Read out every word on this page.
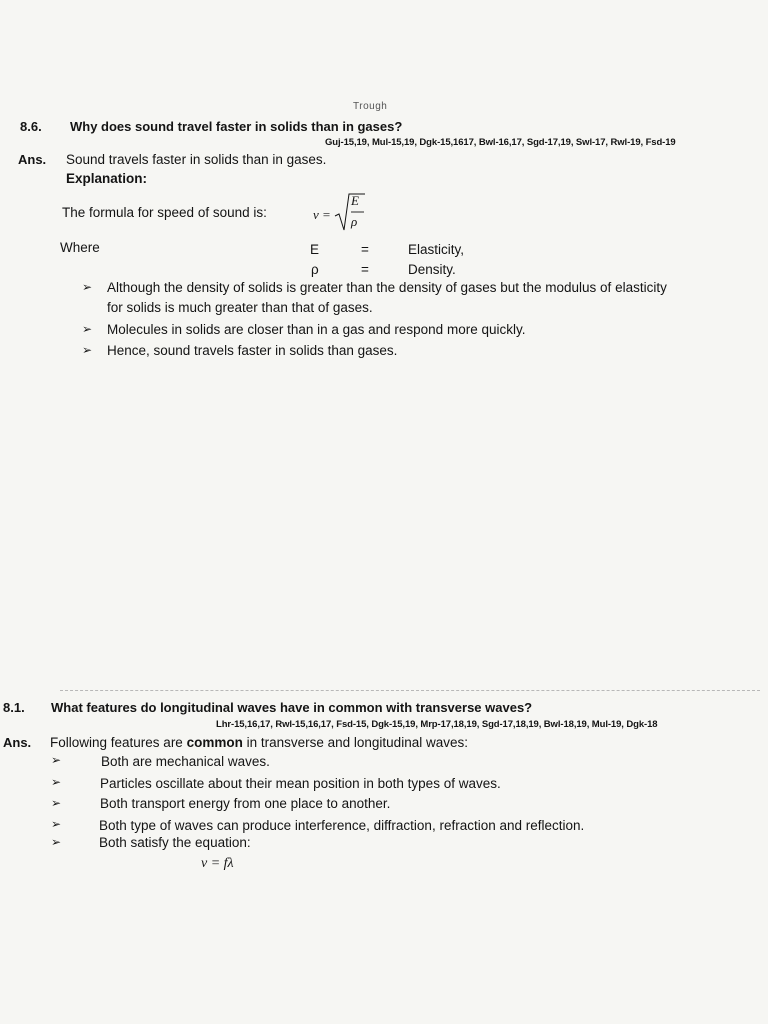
Trough
8.6. Why does sound travel faster in solids than in gases?
Guj-15,19, Mul-15,19, Dgk-15,1617, Bwl-16,17, Sgd-17,19, Swl-17, Rwl-19, Fsd-19
Ans. Sound travels faster in solids than in gases.
Explanation:
The formula for speed of sound is:	v =
E
ρ
Where	E	=	Elasticity,
ρ	=	Density.
➢ Although the density of solids is greater than the density of gases but the modulus of elasticity
for solids is much greater than that of gases.
➢ Molecules in solids are closer than in a gas and respond more quickly.
➢ Hence, sound travels faster in solids than gases.
8.1. What features do longitudinal waves have in common with transverse waves?
Lhr-15,16,17, Rwl-15,16,17, Fsd-15, Dgk-15,19, Mrp-17,18,19, Sgd-17,18,19, Bwl-18,19, Mul-19, Dgk-18
Ans. Following features are common in transverse and longitudinal waves:
➢	Both are mechanical waves.
➢	Particles oscillate about their mean position in both types of waves.
➢	Both transport energy from one place to another.
➢	Both type of waves can produce interference, diffraction, refraction and reflection.
➢	Both satisfy the equation:
v = fλ
